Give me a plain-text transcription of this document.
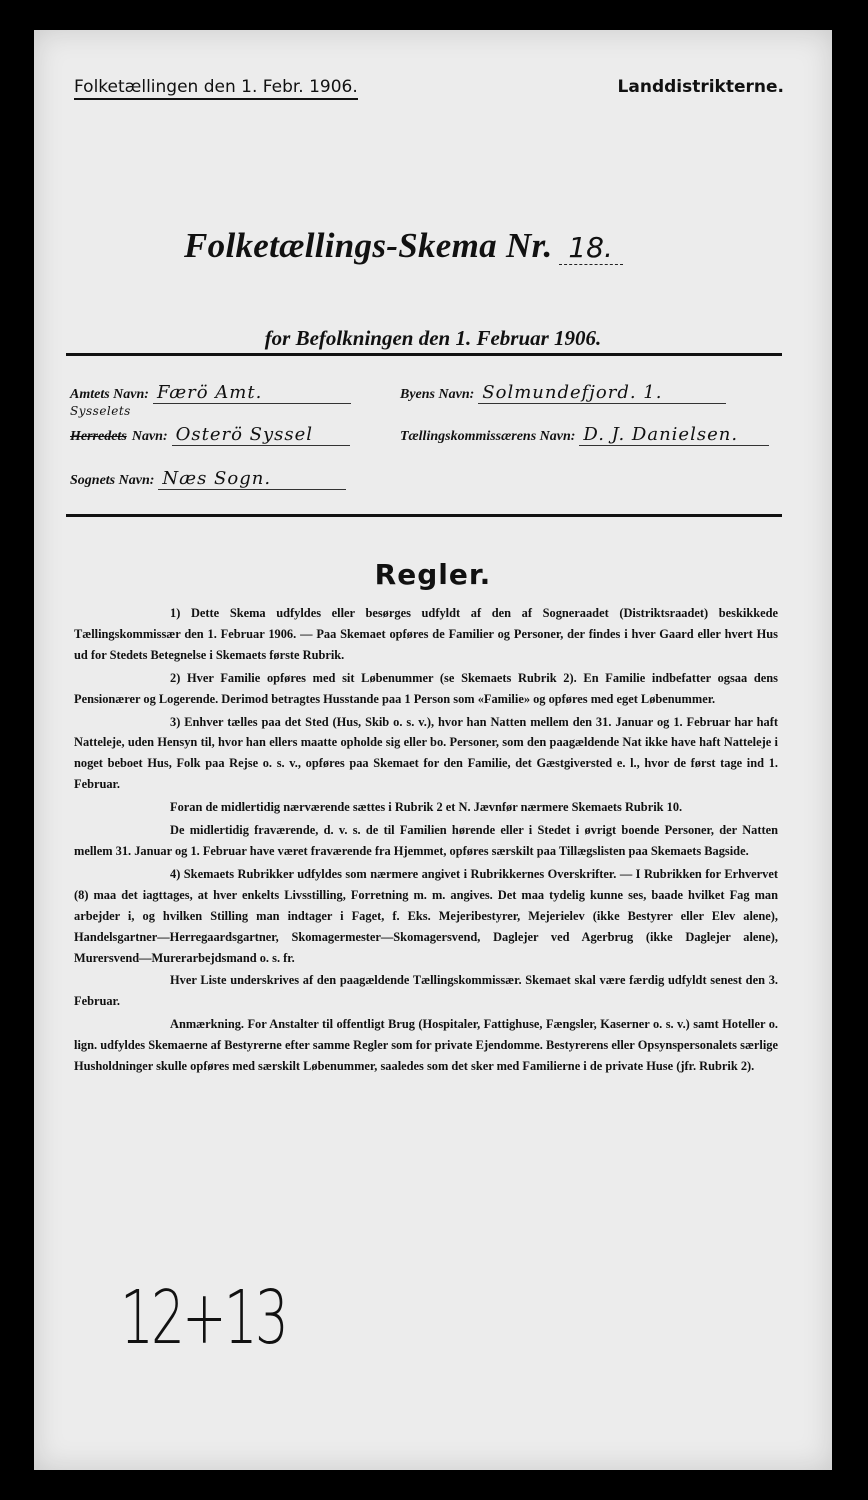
Folketællingen den 1. Febr. 1906.	Landdistrikterne.
Folketællings-Skema Nr. 18.
for Befolkningen den 1. Februar 1906.
Amtets Navn: Færö Amt.	Byens Navn: Solmundefjord. 1.
Sysselets
Herredets Navn: Osterö Syssel	Tællingskommissærens Navn: D. J. Danielsen.
Sognets Navn: Næs Sogn.
Regler.

1) Dette Skema udfyldes eller besørges udfyldt af den af Sogneraadet (Distriktsraadet) beskikkede Tællingskommissær den 1. Februar 1906. — Paa Skemaet opføres de Familier og Personer, der findes i hver Gaard eller hvert Hus ud for Stedets Betegnelse i Skemaets første Rubrik.

2) Hver Familie opføres med sit Løbenummer (se Skemaets Rubrik 2). En Familie indbefatter ogsaa dens Pensionærer og Logerende. Derimod betragtes Husstande paa 1 Person som «Familie» og opføres med eget Løbenummer.

3) Enhver tælles paa det Sted (Hus, Skib o. s. v.), hvor han Natten mellem den 31. Januar og 1. Februar har haft Natteleje, uden Hensyn til, hvor han ellers maatte opholde sig eller bo. Personer, som den paagældende Nat ikke have haft Natteleje i noget beboet Hus, Folk paa Rejse o. s. v., opføres paa Skemaet for den Familie, det Gæstgiversted e. l., hvor de først tage ind 1. Februar.

Foran de midlertidig nærværende sættes i Rubrik 2 et N. Jævnfør nærmere Skemaets Rubrik 10.

De midlertidig fraværende, d. v. s. de til Familien hørende eller i Stedet i øvrigt boende Personer, der Natten mellem 31. Januar og 1. Februar have været fraværende fra Hjemmet, opføres særskilt paa Tillægslisten paa Skemaets Bagside.

4) Skemaets Rubrikker udfyldes som nærmere angivet i Rubrikkernes Overskrifter. — I Rubrikken for Erhvervet (8) maa det iagttages, at hver enkelts Livsstilling, Forretning m. m. angives. Det maa tydelig kunne ses, baade hvilket Fag man arbejder i, og hvilken Stilling man indtager i Faget, f. Eks. Mejeribestyrer, Mejerielev (ikke Bestyrer eller Elev alene), Handelsgartner—Herregaardsgartner, Skomagermester—Skomagersvend, Daglejer ved Agerbrug (ikke Daglejer alene), Murersvend—Murerarbejdsmand o. s. fr.

Hver Liste underskrives af den paagældende Tællingskommissær. Skemaet skal være færdig udfyldt senest den 3. Februar.

Anmærkning. For Anstalter til offentligt Brug (Hospitaler, Fattighuse, Fængsler, Kaserner o. s. v.) samt Hoteller o. lign. udfyldes Skemaerne af Bestyrerne efter samme Regler som for private Ejendomme. Bestyrerens eller Opsynspersonalets særlige Husholdninger skulle opføres med særskilt Løbenummer, saaledes som det sker med Familierne i de private Huse (jfr. Rubrik 2).

12+13
